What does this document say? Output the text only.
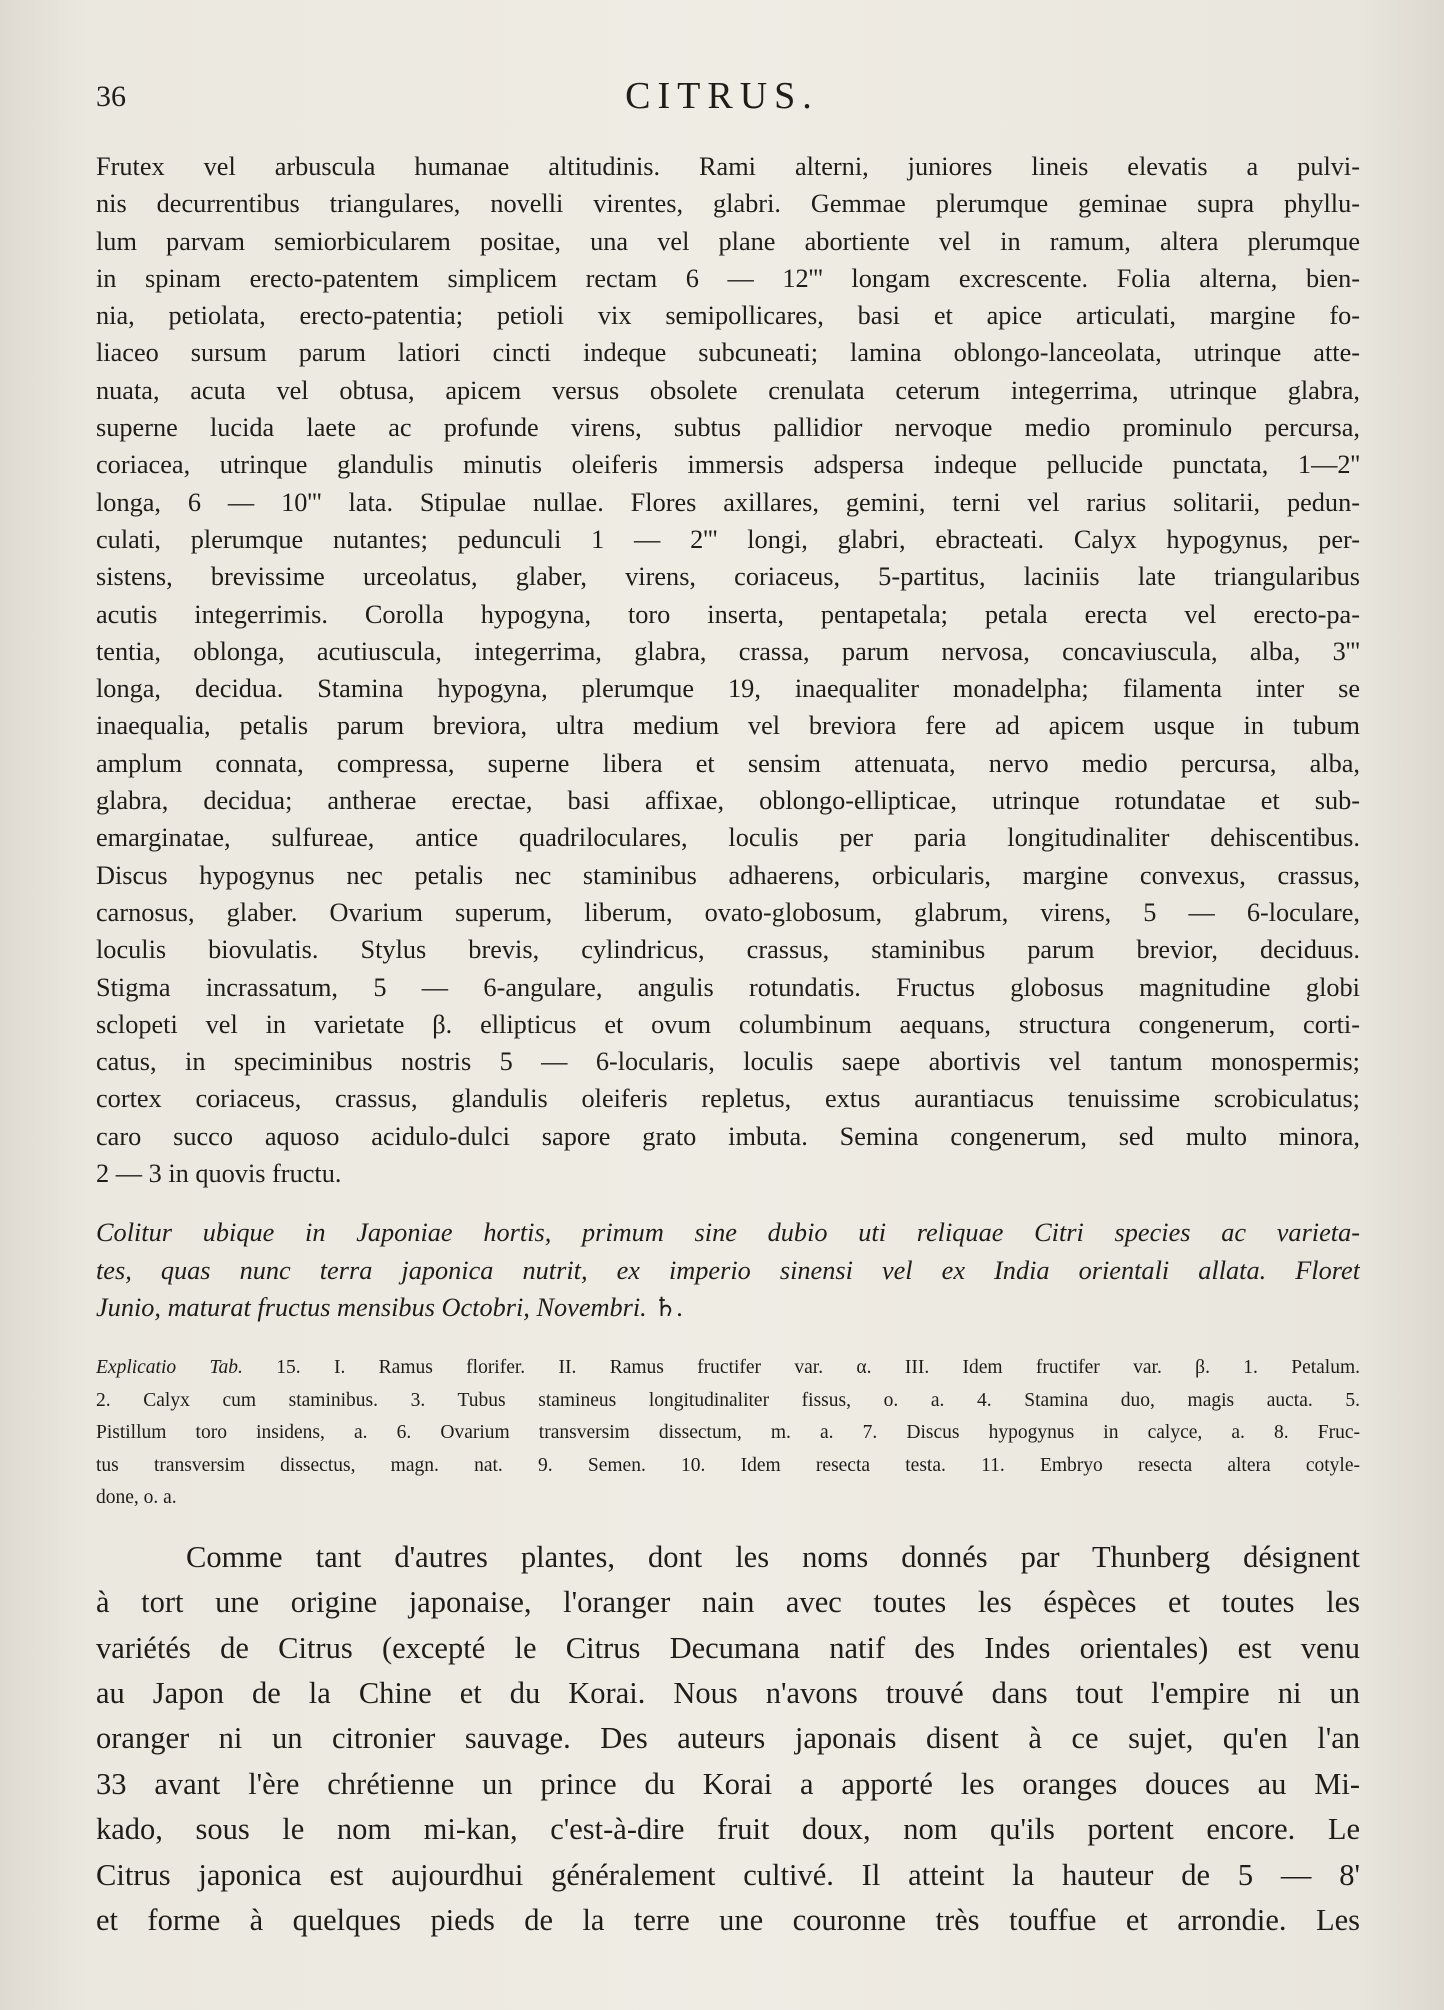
36	CITRUS.
Frutex vel arbuscula humanae altitudinis. Rami alterni, juniores lineis elevatis a pulvi-
nis decurrentibus triangulares, novelli virentes, glabri. Gemmae plerumque geminae supra phyllu-
lum parvam semiorbicularem positae, una vel plane abortiente vel in ramum, altera plerumque
in spinam erecto-patentem simplicem rectam 6 — 12''' longam excrescente. Folia alterna, bien-
nia, petiolata, erecto-patentia; petioli vix semipollicares, basi et apice articulati, margine fo-
liaceo sursum parum latiori cincti indeque subcuneati; lamina oblongo-lanceolata, utrinque atte-
nuata, acuta vel obtusa, apicem versus obsolete crenulata ceterum integerrima, utrinque glabra,
superne lucida laete ac profunde virens, subtus pallidior nervoque medio prominulo percursa,
coriacea, utrinque glandulis minutis oleiferis immersis adspersa indeque pellucide punctata, 1—2''
longa, 6 — 10''' lata. Stipulae nullae. Flores axillares, gemini, terni vel rarius solitarii, pedun-
culati, plerumque nutantes; pedunculi 1 — 2''' longi, glabri, ebracteati. Calyx hypogynus, per-
sistens, brevissime urceolatus, glaber, virens, coriaceus, 5-partitus, laciniis late triangularibus
acutis integerrimis. Corolla hypogyna, toro inserta, pentapetala; petala erecta vel erecto-pa-
tentia, oblonga, acutiuscula, integerrima, glabra, crassa, parum nervosa, concaviuscula, alba, 3'''
longa, decidua. Stamina hypogyna, plerumque 19, inaequaliter monadelpha; filamenta inter se
inaequalia, petalis parum breviora, ultra medium vel breviora fere ad apicem usque in tubum
amplum connata, compressa, superne libera et sensim attenuata, nervo medio percursa, alba,
glabra, decidua; antherae erectae, basi affixae, oblongo-ellipticae, utrinque rotundatae et sub-
emarginatae, sulfureae, antice quadriloculares, loculis per paria longitudinaliter dehiscentibus.
Discus hypogynus nec petalis nec staminibus adhaerens, orbicularis, margine convexus, crassus,
carnosus, glaber. Ovarium superum, liberum, ovato-globosum, glabrum, virens, 5 — 6-loculare,
loculis biovulatis. Stylus brevis, cylindricus, crassus, staminibus parum brevior, deciduus.
Stigma incrassatum, 5 — 6-angulare, angulis rotundatis. Fructus globosus magnitudine globi
sclopeti vel in varietate β. ellipticus et ovum columbinum aequans, structura congenerum, corti-
catus, in speciminibus nostris 5 — 6-locularis, loculis saepe abortivis vel tantum monospermis;
cortex coriaceus, crassus, glandulis oleiferis repletus, extus aurantiacus tenuissime scrobiculatus;
caro succo aquoso acidulo-dulci sapore grato imbuta. Semina congenerum, sed multo minora,
2 — 3 in quovis fructu.
Colitur ubique in Japoniae hortis, primum sine dubio uti reliquae Citri species ac varieta-
tes, quas nunc terra japonica nutrit, ex imperio sinensi vel ex India orientali allata. Floret
Junio, maturat fructus mensibus Octobri, Novembri. ♄.
Explicatio Tab. 15. I. Ramus florifer. II. Ramus fructifer var. α. III. Idem fructifer var. β. 1. Petalum.
2. Calyx cum staminibus. 3. Tubus stamineus longitudinaliter fissus, o. a. 4. Stamina duo, magis aucta. 5.
Pistillum toro insidens, a. 6. Ovarium transversim dissectum, m. a. 7. Discus hypogynus in calyce, a. 8. Fruc-
tus transversim dissectus, magn. nat. 9. Semen. 10. Idem resecta testa. 11. Embryo resecta altera cotyle-
done, o. a.
Comme tant d'autres plantes, dont les noms donnés par Thunberg désignent
à tort une origine japonaise, l'oranger nain avec toutes les éspèces et toutes les
variétés de Citrus (excepté le Citrus Decumana natif des Indes orientales) est venu
au Japon de la Chine et du Korai. Nous n'avons trouvé dans tout l'empire ni un
oranger ni un citronier sauvage. Des auteurs japonais disent à ce sujet, qu'en l'an
33 avant l'ère chrétienne un prince du Korai a apporté les oranges douces au Mi-
kado, sous le nom mi-kan, c'est-à-dire fruit doux, nom qu'ils portent encore. Le
Citrus japonica est aujourdhui généralement cultivé. Il atteint la hauteur de 5 — 8'
et forme à quelques pieds de la terre une couronne très touffue et arrondie. Les
